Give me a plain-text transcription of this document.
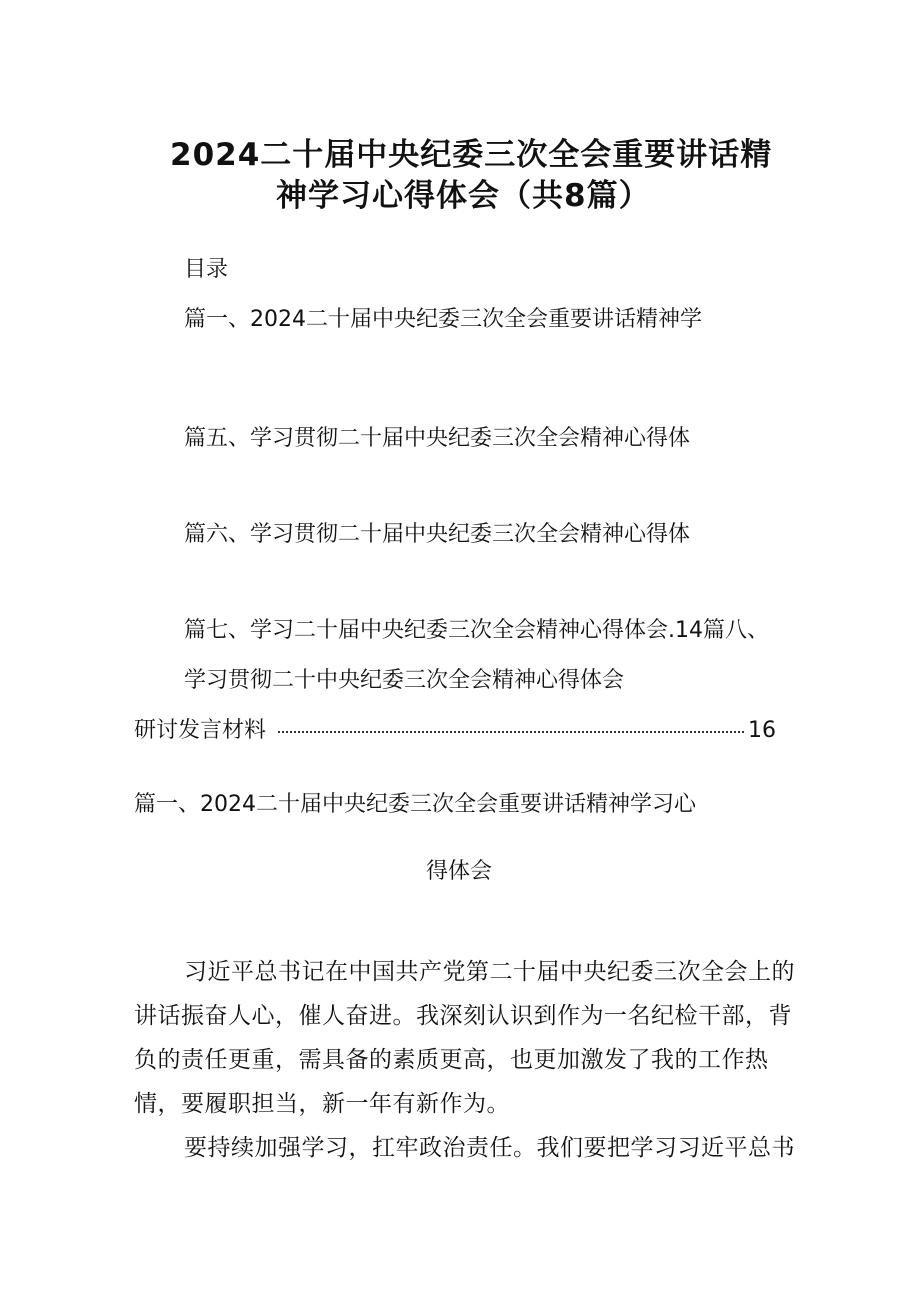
2024二十届中央纪委三次全会重要讲话精
神学习心得体会（共8篇）
目录
篇一、2024二十届中央纪委三次全会重要讲话精神学
篇五、学习贯彻二十届中央纪委三次全会精神心得体
篇六、学习贯彻二十届中央纪委三次全会精神心得体
篇七、学习二十届中央纪委三次全会精神心得体会.14篇八、
学习贯彻二十中央纪委三次全会精神心得体会
研讨发言材料	16
篇一、2024二十届中央纪委三次全会重要讲话精神学习心
得体会
习近平总书记在中国共产党第二十届中央纪委三次全会上的
讲话振奋人心，催人奋进。我深刻认识到作为一名纪检干部，背
负的责任更重，需具备的素质更高，也更加激发了我的工作热
情，要履职担当，新一年有新作为。
要持续加强学习，扛牢政治责任。我们要把学习习近平总书
